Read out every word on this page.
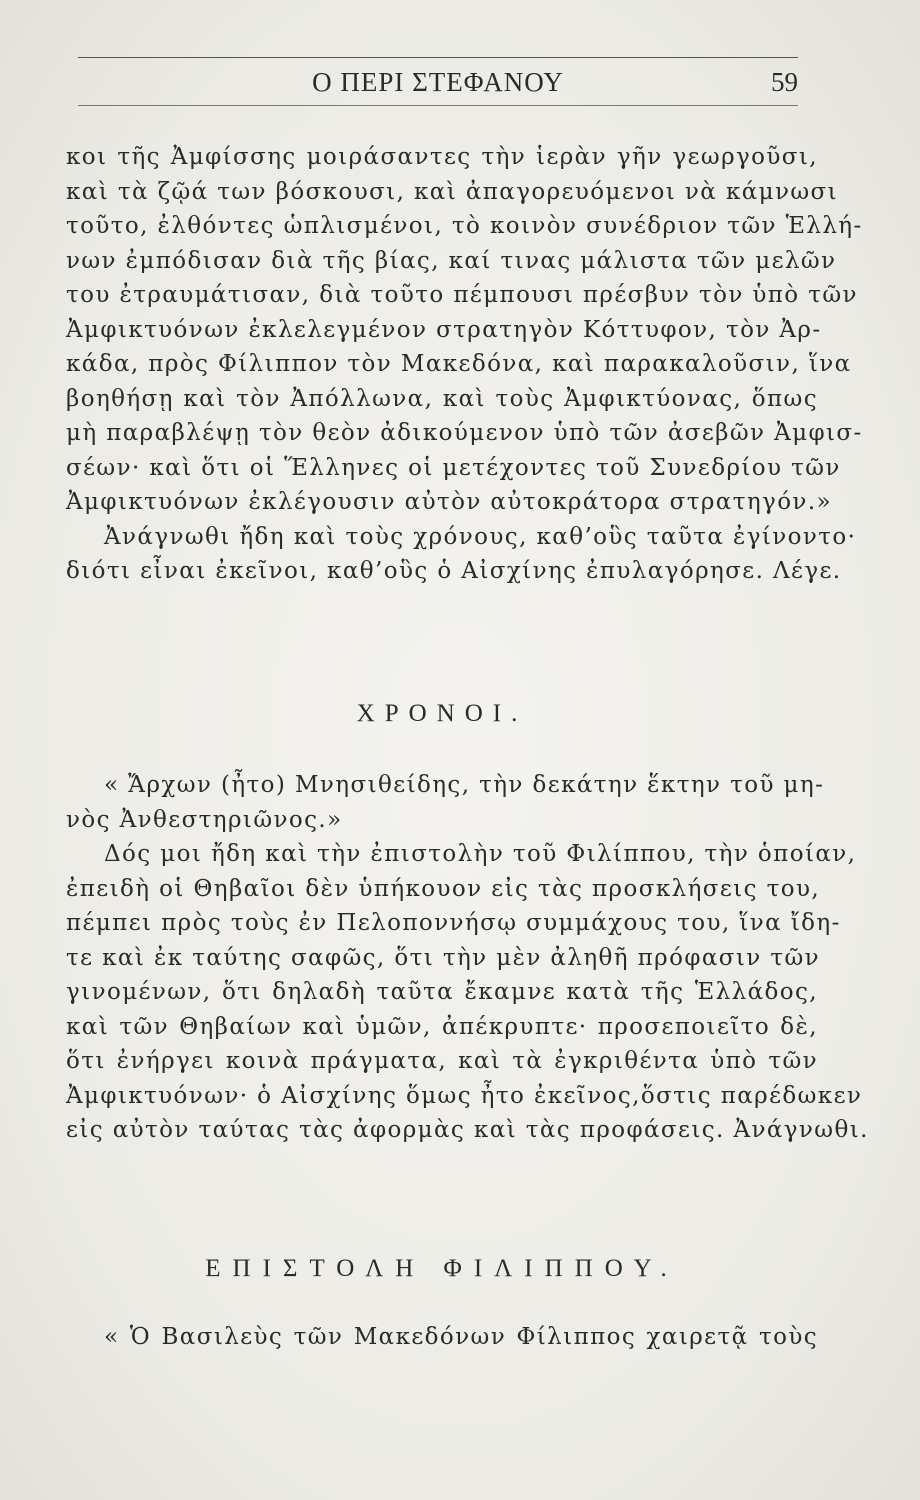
Ο ΠΕΡΙ ΣΤΕΦΑΝΟΥ	59
κοι τῆς Ἀμφίσσης μοιράσαντες τὴν ἱερὰν γῆν γεωργοῦσι,
καὶ τὰ ζῷά των βόσκουσι, καὶ ἀπαγορευόμενοι νὰ κάμνωσι
τοῦτο, ἐλθόντες ὡπλισμένοι, τὸ κοινὸν συνέδριον τῶν Ἑλλή-
νων ἐμπόδισαν διὰ τῆς βίας, καί τινας μάλιστα τῶν μελῶν
του ἐτραυμάτισαν, διὰ τοῦτο πέμπουσι πρέσβυν τὸν ὑπὸ τῶν
Ἀμφικτυόνων ἐκλελεγμένον στρατηγὸν Κόττυφον, τὸν Ἀρ-
κάδα, πρὸς Φίλιππον τὸν Μακεδόνα, καὶ παρακαλοῦσιν, ἵνα
βοηθήσῃ καὶ τὸν Ἀπόλλωνα, καὶ τοὺς Ἀμφικτύονας, ὅπως
μὴ παραβλέψῃ τὸν θεὸν ἀδικούμενον ὑπὸ τῶν ἀσεβῶν Ἀμφισ-
σέων· καὶ ὅτι οἱ Ἕλληνες οἱ μετέχοντες τοῦ Συνεδρίου τῶν
Ἀμφικτυόνων ἐκλέγουσιν αὐτὸν αὐτοκράτορα στρατηγόν.»
Ἀνάγνωθι ἤδη καὶ τοὺς χρόνους, καθ’οὓς ταῦτα ἐγίνοντο·
διότι εἶναι ἐκεῖνοι, καθ’οὓς ὁ Αἰσχίνης ἐπυλαγόρησε. Λέγε.
ΧΡΟΝΟΙ.
« Ἄρχων (ἦτο) Μνησιθείδης, τὴν δεκάτην ἕκτην τοῦ μη-
νὸς Ἀνθεστηριῶνος.»
Δός μοι ἤδη καὶ τὴν ἐπιστολὴν τοῦ Φιλίππου, τὴν ὁποίαν,
ἐπειδὴ οἱ Θηβαῖοι δὲν ὑπήκουον εἰς τὰς προσκλήσεις του,
πέμπει πρὸς τοὺς ἐν Πελοποννήσῳ συμμάχους του, ἵνα ἴδη-
τε καὶ ἐκ ταύτης σαφῶς, ὅτι τὴν μὲν ἀληθῆ πρόφασιν τῶν
γινομένων, ὅτι δηλαδὴ ταῦτα ἔκαμνε κατὰ τῆς Ἑλλάδος,
καὶ τῶν Θηβαίων καὶ ὑμῶν, ἀπέκρυπτε· προσεποιεῖτο δὲ,
ὅτι ἐνήργει κοινὰ πράγματα, καὶ τὰ ἐγκριθέντα ὑπὸ τῶν
Ἀμφικτυόνων· ὁ Αἰσχίνης ὅμως ἦτο ἐκεῖνος,ὅστις παρέδωκεν
εἰς αὐτὸν ταύτας τὰς ἀφορμὰς καὶ τὰς προφάσεις. Ἀνάγνωθι.
ΕΠΙΣΤΟΛΗ ΦΙΛΙΠΠΟΥ.
« Ὁ Βασιλεὺς τῶν Μακεδόνων Φίλιππος χαιρετᾷ τοὺς
